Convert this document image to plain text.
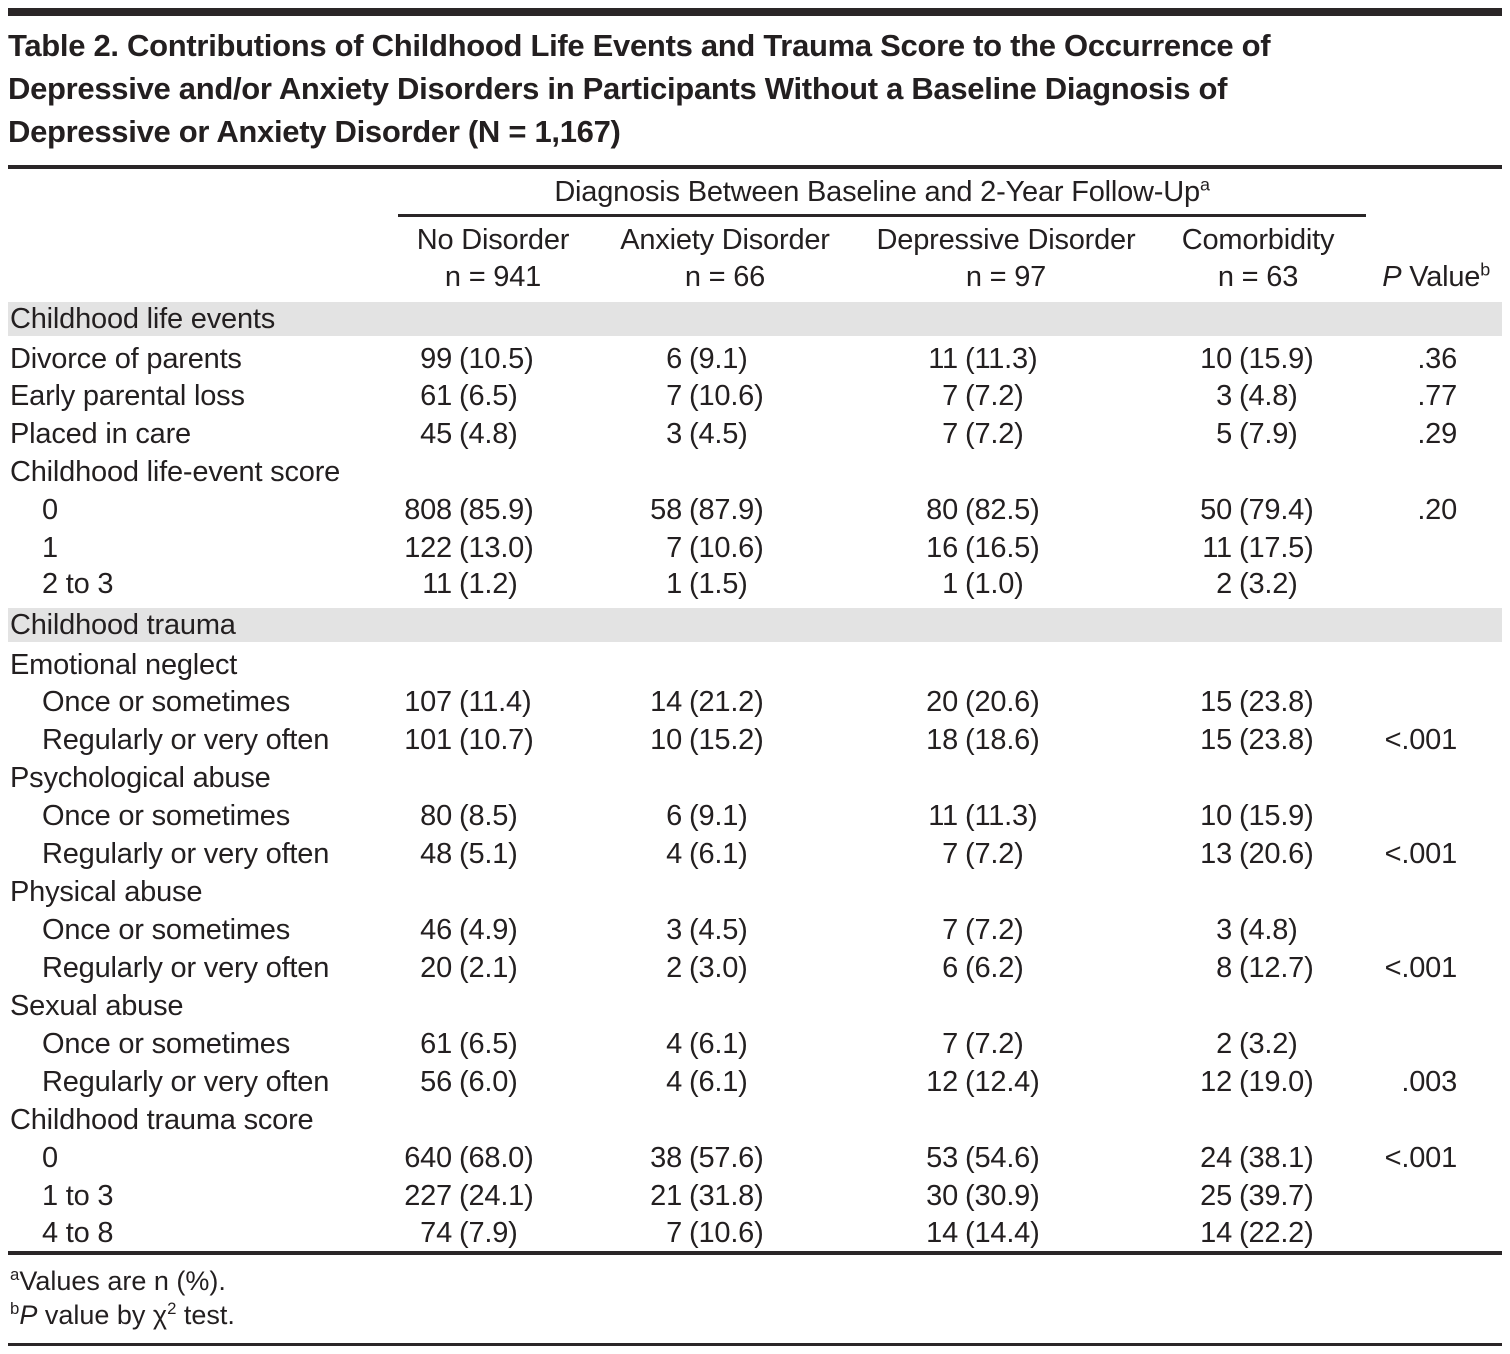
Table 2. Contributions of Childhood Life Events and Trauma Score to the Occurrence of
Depressive and/or Anxiety Disorders in Participants Without a Baseline Diagnosis of
Depressive or Anxiety Disorder (N = 1,167)
	Diagnosis Between Baseline and 2-Year Follow-Up$^a$	
	No Disorder	Anxiety Disorder	Depressive Disorder	Comorbidity	
	n = 941	n = 66	n = 97	n = 63	P Value$^b$
Childhood life events					
Divorce of parents	99 (10.5)	6 (9.1)	11 (11.3)	10 (15.9)	.36
Early parental loss	61 (6.5)	7 (10.6)	7 (7.2)	3 (4.8)	.77
Placed in care	45 (4.8)	3 (4.5)	7 (7.2)	5 (7.9)	.29
Childhood life-event score					
0	808 (85.9)	58 (87.9)	80 (82.5)	50 (79.4)	.20
1	122 (13.0)	7 (10.6)	16 (16.5)	11 (17.5)	
2 to 3	11 (1.2)	1 (1.5)	1 (1.0)	2 (3.2)	
Childhood trauma					
Emotional neglect					
Once or sometimes	107 (11.4)	14 (21.2)	20 (20.6)	15 (23.8)	
Regularly or very often	101 (10.7)	10 (15.2)	18 (18.6)	15 (23.8)	<.001
Psychological abuse					
Once or sometimes	80 (8.5)	6 (9.1)	11 (11.3)	10 (15.9)	
Regularly or very often	48 (5.1)	4 (6.1)	7 (7.2)	13 (20.6)	<.001
Physical abuse					
Once or sometimes	46 (4.9)	3 (4.5)	7 (7.2)	3 (4.8)	
Regularly or very often	20 (2.1)	2 (3.0)	6 (6.2)	8 (12.7)	<.001
Sexual abuse					
Once or sometimes	61 (6.5)	4 (6.1)	7 (7.2)	2 (3.2)	
Regularly or very often	56 (6.0)	4 (6.1)	12 (12.4)	12 (19.0)	.003
Childhood trauma score					
0	640 (68.0)	38 (57.6)	53 (54.6)	24 (38.1)	<.001
1 to 3	227 (24.1)	21 (31.8)	30 (30.9)	25 (39.7)	
4 to 8	74 (7.9)	7 (10.6)	14 (14.4)	14 (22.2)	
$^a$Values are n (%).
$^b$P value by $\chi^2$ test.
